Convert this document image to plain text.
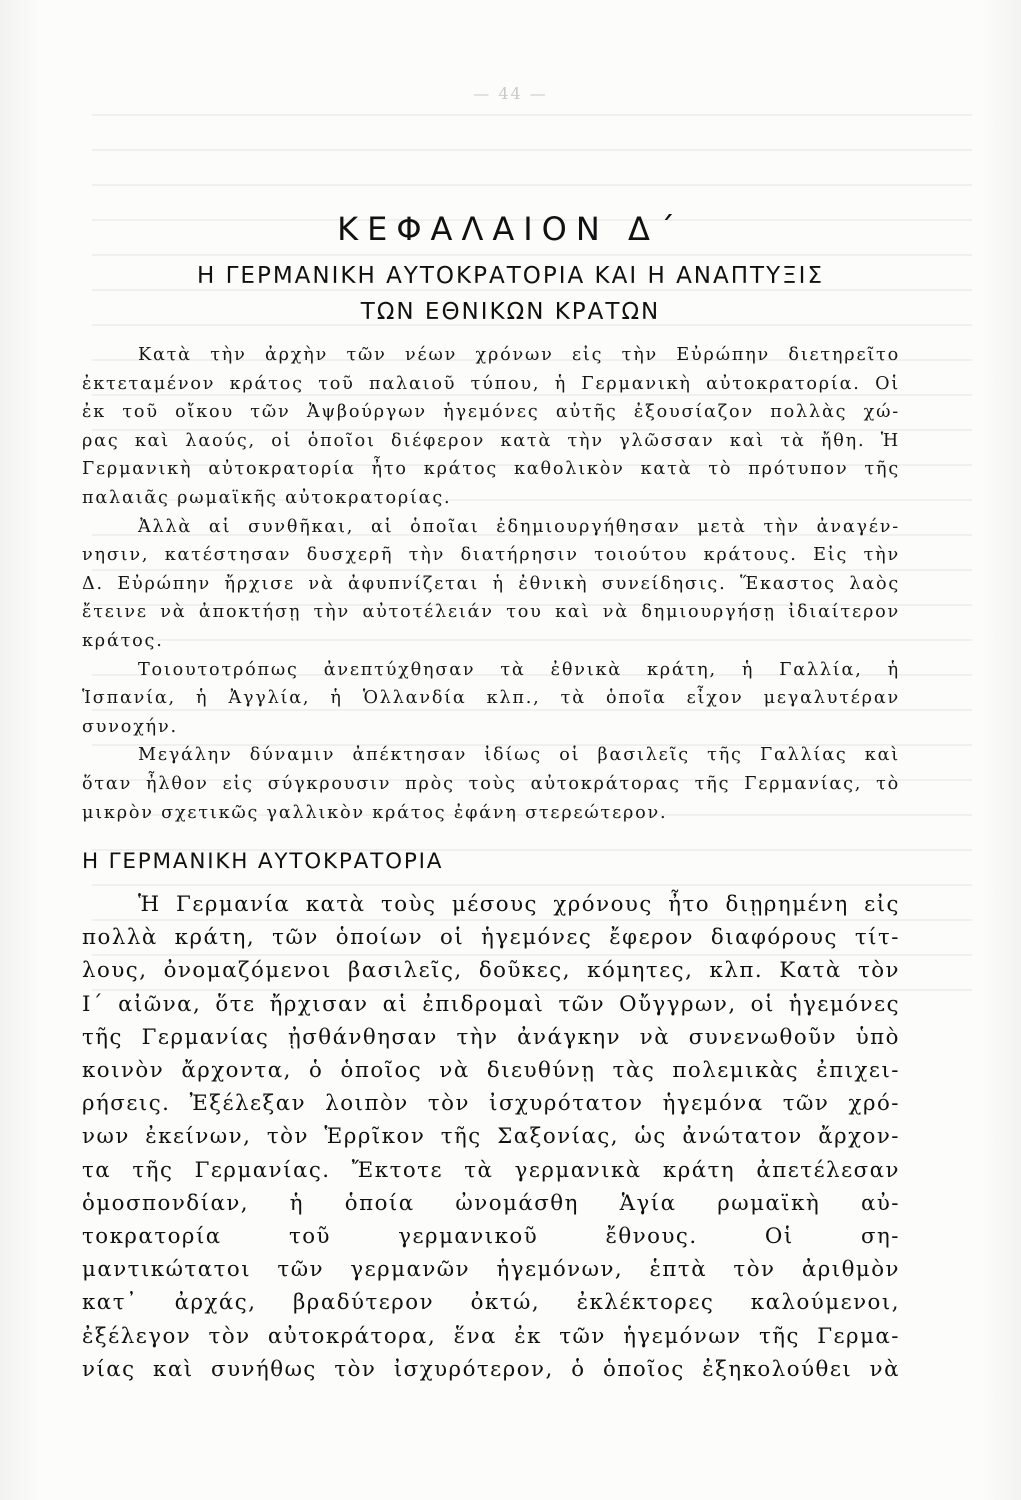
— 44 —
ΚΕΦΑΛΑΙΟΝ Δ΄
Η ΓΕΡΜΑΝΙΚΗ ΑΥΤΟΚΡΑΤΟΡΙΑ ΚΑΙ Η ΑΝΑΠΤΥΞΙΣ
ΤΩΝ ΕΘΝΙΚΩΝ ΚΡΑΤΩΝ
Κατὰ τὴν ἀρχὴν τῶν νέων χρόνων εἰς τὴν Εὐρώπην διετηρεῖτο
ἐκτεταμένον κράτος τοῦ παλαιοῦ τύπου, ἡ Γερμανικὴ αὐτοκρατορία. Οἱ
ἐκ τοῦ οἴκου τῶν Ἀψβούργων ἡγεμόνες αὐτῆς ἐξουσίαζον πολλὰς χώ-
ρας καὶ λαούς, οἱ ὁποῖοι διέφερον κατὰ τὴν γλῶσσαν καὶ τὰ ἤθη. Ἡ
Γερμανικὴ αὐτοκρατορία ἦτο κράτος καθολικὸν κατὰ τὸ πρότυπον τῆς
παλαιᾶς ρωμαϊκῆς αὐτοκρατορίας.
Ἀλλὰ αἱ συνθῆκαι, αἱ ὁποῖαι ἐδημιουργήθησαν μετὰ τὴν ἀναγέν-
νησιν, κατέστησαν δυσχερῆ τὴν διατήρησιν τοιούτου κράτους. Εἰς τὴν
Δ. Εὐρώπην ἤρχισε νὰ ἀφυπνίζεται ἡ ἐθνικὴ συνείδησις. Ἕκαστος λαὸς
ἔτεινε νὰ ἀποκτήσῃ τὴν αὐτοτέλειάν του καὶ νὰ δημιουργήσῃ ἰδιαίτερον
κράτος.
Τοιουτοτρόπως ἀνεπτύχθησαν τὰ ἐθνικὰ κράτη, ἡ Γαλλία, ἡ
Ἱσπανία, ἡ Ἀγγλία, ἡ Ὁλλανδία κλπ., τὰ ὁποῖα εἶχον μεγαλυτέραν
συνοχήν.
Μεγάλην δύναμιν ἀπέκτησαν ἰδίως οἱ βασιλεῖς τῆς Γαλλίας καὶ
ὅταν ἦλθον εἰς σύγκρουσιν πρὸς τοὺς αὐτοκράτορας τῆς Γερμανίας, τὸ
μικρὸν σχετικῶς γαλλικὸν κράτος ἐφάνη στερεώτερον.
Η ΓΕΡΜΑΝΙΚΗ ΑΥΤΟΚΡΑΤΟΡΙΑ
Ἡ Γερμανία κατὰ τοὺς μέσους χρόνους ἦτο διῃρημένη εἰς
πολλὰ κράτη, τῶν ὁποίων οἱ ἡγεμόνες ἔφερον διαφόρους τίτ-
λους, ὀνομαζόμενοι βασιλεῖς, δοῦκες, κόμητες, κλπ. Κατὰ τὸν
Ι΄ αἰῶνα, ὅτε ἤρχισαν αἱ ἐπιδρομαὶ τῶν Οὔγγρων, οἱ ἡγεμόνες
τῆς Γερμανίας ᾐσθάνθησαν τὴν ἀνάγκην νὰ συνενωθοῦν ὑπὸ
κοινὸν ἄρχοντα, ὁ ὁποῖος νὰ διευθύνῃ τὰς πολεμικὰς ἐπιχει-
ρήσεις. Ἐξέλεξαν λοιπὸν τὸν ἰσχυρότατον ἡγεμόνα τῶν χρό-
νων ἐκείνων, τὸν Ἑρρῖκον τῆς Σαξονίας, ὡς ἀνώτατον ἄρχον-
τα τῆς Γερμανίας. Ἔκτοτε τὰ γερμανικὰ κράτη ἀπετέλεσαν
ὁμοσπονδίαν, ἡ ὁποία ὠνομάσθη Ἁγία ρωμαϊκὴ αὐ-
τοκρατορία τοῦ γερμανικοῦ ἔθνους. Οἱ ση-
μαντικώτατοι τῶν γερμανῶν ἡγεμόνων, ἑπτὰ τὸν ἀριθμὸν
κατ᾽ ἀρχάς, βραδύτερον ὀκτώ, ἐκλέκτορες καλούμενοι,
ἐξέλεγον τὸν αὐτοκράτορα, ἕνα ἐκ τῶν ἡγεμόνων τῆς Γερμα-
νίας καὶ συνήθως τὸν ἰσχυρότερον, ὁ ὁποῖος ἐξηκολούθει νὰ
